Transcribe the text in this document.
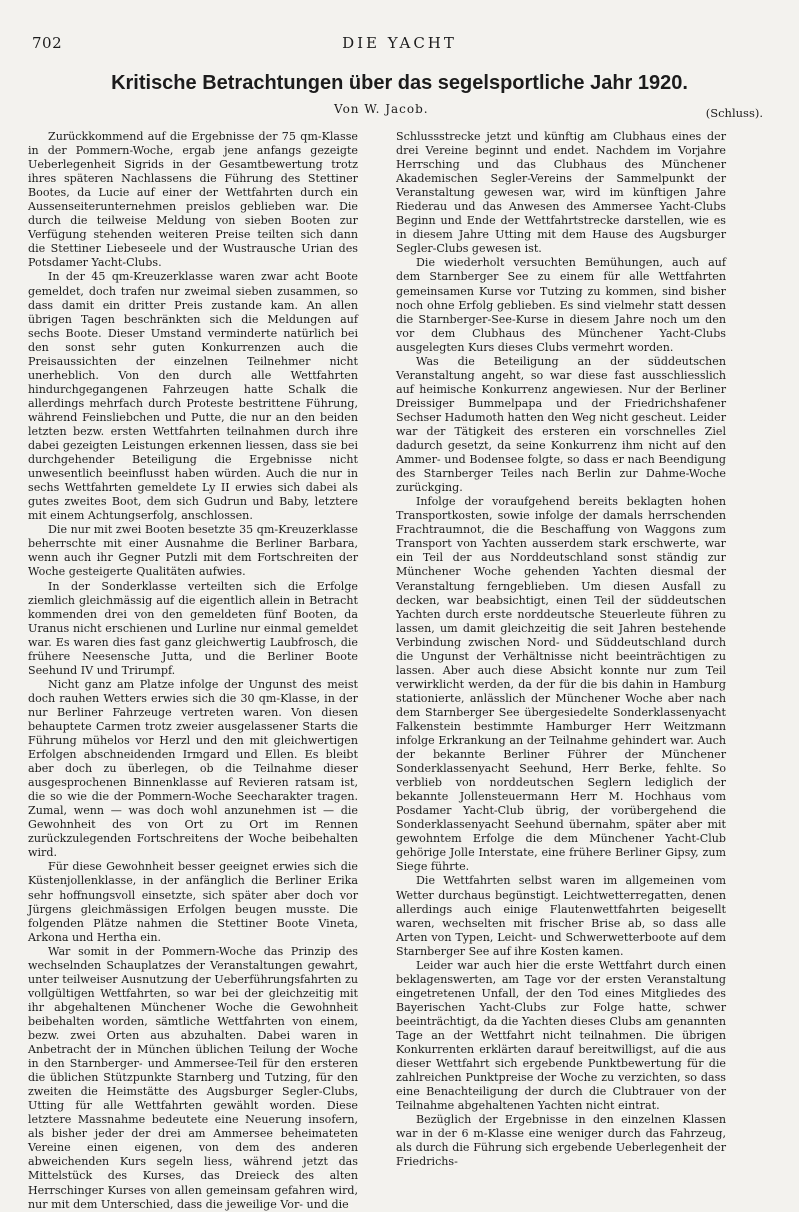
702	DIE YACHT
Kritische Betrachtungen über das segelsportliche Jahr 1920.
Von W. Jacob.	(Schluss).

Zurückkommend auf die Ergebnisse der 75 qm-Klasse in der Pommern-Woche, ergab jene anfangs gezeigte Ueberlegenheit Sigrids in der Gesamtbewertung trotz ihres späteren Nachlassens die Führung des Stettiner Bootes, da Lucie auf einer der Wettfahrten durch ein Aussenseiterunternehmen preislos geblieben war. Die durch die teilweise Meldung von sieben Booten zur Verfügung stehenden weiteren Preise teilten sich dann die Stettiner Liebeseele und der Wustrausche Urian des Potsdamer Yacht-Clubs.

In der 45 qm-Kreuzerklasse waren zwar acht Boote gemeldet, doch trafen nur zweimal sieben zusammen, so dass damit ein dritter Preis zustande kam. An allen übrigen Tagen beschränkten sich die Meldungen auf sechs Boote. Dieser Umstand verminderte natürlich bei den sonst sehr guten Konkurrenzen auch die Preisaussichten der einzelnen Teilnehmer nicht unerheblich. Von den durch alle Wettfahrten hindurchgegangenen Fahrzeugen hatte Schalk die allerdings mehrfach durch Proteste bestrittene Führung, während Feinsliebchen und Putte, die nur an den beiden letzten bezw. ersten Wettfahrten teilnahmen durch ihre dabei gezeigten Leistungen erkennen liessen, dass sie bei durchgehender Beteiligung die Ergebnisse nicht unwesentlich beeinflusst haben würden. Auch die nur in sechs Wettfahrten gemeldete Ly II erwies sich dabei als gutes zweites Boot, dem sich Gudrun und Baby, letztere mit einem Achtungserfolg, anschlossen.

Die nur mit zwei Booten besetzte 35 qm-Kreuzerklasse beherrschte mit einer Ausnahme die Berliner Barbara, wenn auch ihr Gegner Putzli mit dem Fortschreiten der Woche gesteigerte Qualitäten aufwies.

In der Sonderklasse verteilten sich die Erfolge ziemlich gleichmässig auf die eigentlich allein in Betracht kommenden drei von den gemeldeten fünf Booten, da Uranus nicht erschienen und Lurline nur einmal gemeldet war. Es waren dies fast ganz gleichwertig Laubfrosch, die frühere Neesensche Jutta, und die Berliner Boote Seehund IV und Trirumpf.

Nicht ganz am Platze infolge der Ungunst des meist doch rauhen Wetters erwies sich die 30 qm-Klasse, in der nur Berliner Fahrzeuge vertreten waren. Von diesen behauptete Carmen trotz zweier ausgelassener Starts die Führung mühelos vor Herzl und den mit gleichwertigen Erfolgen abschneidenden Irmgard und Ellen. Es bleibt aber doch zu überlegen, ob die Teilnahme dieser ausgesprochenen Binnenklasse auf Revieren ratsam ist, die so wie die der Pommern-Woche Seecharakter tragen. Zumal, wenn — was doch wohl anzunehmen ist — die Gewohnheit des von Ort zu Ort im Rennen zurückzulegenden Fortschreitens der Woche beibehalten wird.

Für diese Gewohnheit besser geeignet erwies sich die Küstenjollenklasse, in der anfänglich die Berliner Erika sehr hoffnungsvoll einsetzte, sich später aber doch vor Jürgens gleichmässigen Erfolgen beugen musste. Die folgenden Plätze nahmen die Stettiner Boote Vineta, Arkona und Hertha ein.

War somit in der Pommern-Woche das Prinzip des wechselnden Schauplatzes der Veranstaltungen gewahrt, unter teilweiser Ausnutzung der Ueberführungsfahrten zu vollgültigen Wettfahrten, so war bei der gleichzeitig mit ihr abgehaltenen Münchener Woche die Gewohnheit beibehalten worden, sämtliche Wettfahrten von einem, bezw. zwei Orten aus abzuhalten. Dabei waren in Anbetracht der in München üblichen Teilung der Woche in den Starnberger- und Ammersee-Teil für den ersteren die üblichen Stützpunkte Starnberg und Tutzing, für den zweiten die Heimstätte des Augsburger Segler-Clubs, Utting für alle Wettfahrten gewählt worden. Diese letztere Massnahme bedeutete eine Neuerung insofern, als bisher jeder der drei am Ammersee beheimateten Vereine einen eigenen, von dem des anderen abweichenden Kurs segeln liess, während jetzt das Mittelstück des Kurses, das Dreieck des alten Herrschinger Kurses von allen gemeinsam gefahren wird, nur mit dem Unterschied, dass die jeweilige Vor- und die

Schlussstrecke jetzt und künftig am Clubhaus eines der drei Vereine beginnt und endet. Nachdem im Vorjahre Herrsching und das Clubhaus des Münchener Akademischen Segler-Vereins der Sammelpunkt der Veranstaltung gewesen war, wird im künftigen Jahre Riederau und das Anwesen des Ammersee Yacht-Clubs Beginn und Ende der Wettfahrtstrecke darstellen, wie es in diesem Jahre Utting mit dem Hause des Augsburger Segler-Clubs gewesen ist.

Die wiederholt versuchten Bemühungen, auch auf dem Starnberger See zu einem für alle Wettfahrten gemeinsamen Kurse vor Tutzing zu kommen, sind bisher noch ohne Erfolg geblieben. Es sind vielmehr statt dessen die Starnberger-See-Kurse in diesem Jahre noch um den vor dem Clubhaus des Münchener Yacht-Clubs ausgelegten Kurs dieses Clubs vermehrt worden.

Was die Beteiligung an der süddeutschen Veranstaltung angeht, so war diese fast ausschliesslich auf heimische Konkurrenz angewiesen. Nur der Berliner Dreissiger Bummelpapa und der Friedrichshafener Sechser Hadumoth hatten den Weg nicht gescheut. Leider war der Tätigkeit des ersteren ein vorschnelles Ziel dadurch gesetzt, da seine Konkurrenz ihm nicht auf den Ammer- und Bodensee folgte, so dass er nach Beendigung des Starnberger Teiles nach Berlin zur Dahme-Woche zurückging.

Infolge der voraufgehend bereits beklagten hohen Transportkosten, sowie infolge der damals herrschenden Frachtraumnot, die die Beschaffung von Waggons zum Transport von Yachten ausserdem stark erschwerte, war ein Teil der aus Norddeutschland sonst ständig zur Münchener Woche gehenden Yachten diesmal der Veranstaltung ferngeblieben. Um diesen Ausfall zu decken, war beabsichtigt, einen Teil der süddeutschen Yachten durch erste norddeutsche Steuerleute führen zu lassen, um damit gleichzeitig die seit Jahren bestehende Verbindung zwischen Nord- und Süddeutschland durch die Ungunst der Verhältnisse nicht beeinträchtigen zu lassen. Aber auch diese Absicht konnte nur zum Teil verwirklicht werden, da der für die bis dahin in Hamburg stationierte, anlässlich der Münchener Woche aber nach dem Starnberger See übergesiedelte Sonderklassenyacht Falkenstein bestimmte Hamburger Herr Weitzmann infolge Erkrankung an der Teilnahme gehindert war. Auch der bekannte Berliner Führer der Münchener Sonderklassenyacht Seehund, Herr Berke, fehlte. So verblieb von norddeutschen Seglern lediglich der bekannte Jollensteuermann Herr M. Hochhaus vom Posdamer Yacht-Club übrig, der vorübergehend die Sonderklassenyacht Seehund übernahm, später aber mit gewohntem Erfolge die dem Münchener Yacht-Club gehörige Jolle Interstate, eine frühere Berliner Gipsy, zum Siege führte.

Die Wettfahrten selbst waren im allgemeinen vom Wetter durchaus begünstigt. Leichtwetterregatten, denen allerdings auch einige Flautenwettfahrten beigesellt waren, wechselten mit frischer Brise ab, so dass alle Arten von Typen, Leicht- und Schwerwetterboote auf dem Starnberger See auf ihre Kosten kamen.

Leider war auch hier die erste Wettfahrt durch einen beklagenswerten, am Tage vor der ersten Veranstaltung eingetretenen Unfall, der den Tod eines Mitgliedes des Bayerischen Yacht-Clubs zur Folge hatte, schwer beeinträchtigt, da die Yachten dieses Clubs am genannten Tage an der Wettfahrt nicht teilnahmen. Die übrigen Konkurrenten erklärten darauf bereitwilligst, auf die aus dieser Wettfahrt sich ergebende Punktbewertung für die zahlreichen Punktpreise der Woche zu verzichten, so dass eine Benachteiligung der durch die Clubtrauer von der Teilnahme abgehaltenen Yachten nicht eintrat.

Bezüglich der Ergebnisse in den einzelnen Klassen war in der 6 m-Klasse eine weniger durch das Fahrzeug, als durch die Führung sich ergebende Ueberlegenheit der Friedrichs-
